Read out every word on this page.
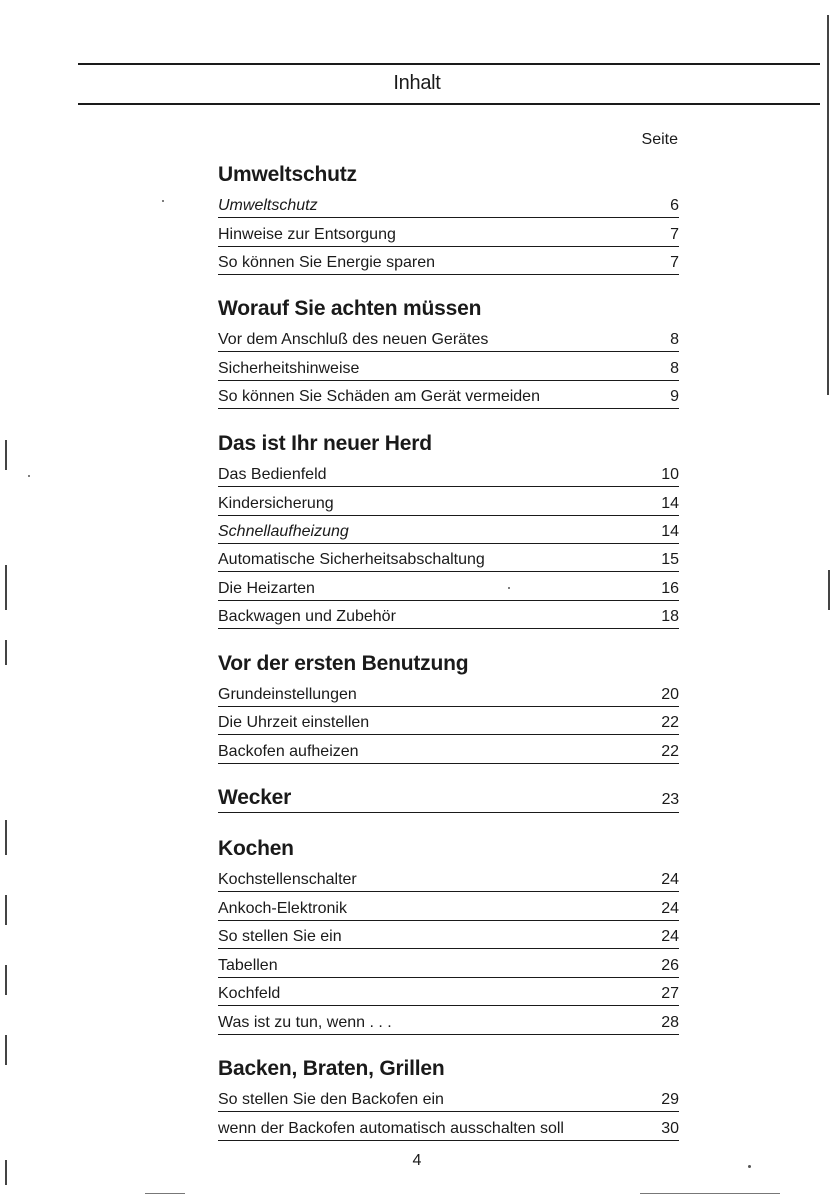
Inhalt
Seite
Umweltschutz
Umweltschutz	6
Hinweise zur Entsorgung	7
So können Sie Energie sparen	7
Worauf Sie achten müssen
Vor dem Anschluß des neuen Gerätes	8
Sicherheitshinweise	8
So können Sie Schäden am Gerät vermeiden	9
Das ist Ihr neuer Herd
Das Bedienfeld	10
Kindersicherung	14
Schnellaufheizung	14
Automatische Sicherheitsabschaltung	15
Die Heizarten	16
Backwagen und Zubehör	18
Vor der ersten Benutzung
Grundeinstellungen	20
Die Uhrzeit einstellen	22
Backofen aufheizen	22
Wecker	23
Kochen
Kochstellenschalter	24
Ankoch-Elektronik	24
So stellen Sie ein	24
Tabellen	26
Kochfeld	27
Was ist zu tun, wenn . . .	28
Backen, Braten, Grillen
So stellen Sie den Backofen ein	29
wenn der Backofen automatisch ausschalten soll	30
4
